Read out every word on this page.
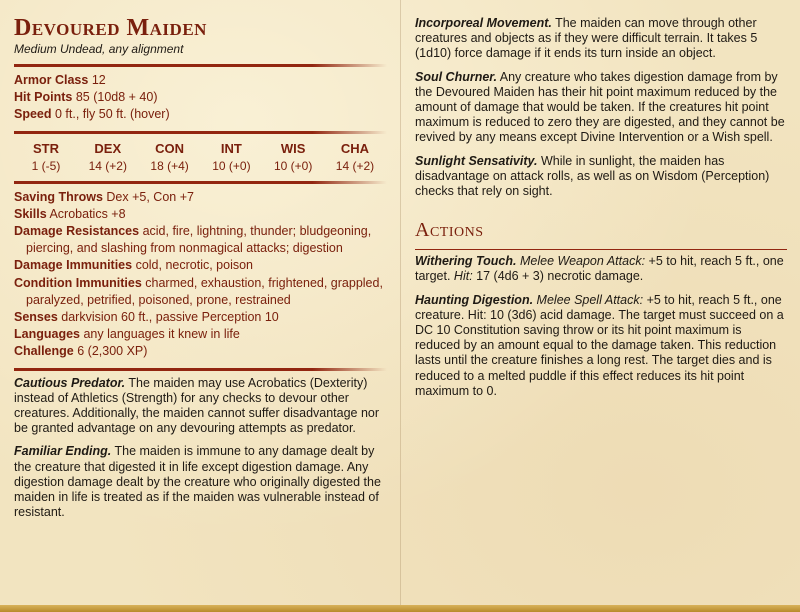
Devoured Maiden
Medium Undead, any alignment
Armor Class 12
Hit Points 85 (10d8 + 40)
Speed 0 ft., fly 50 ft. (hover)
STR
1 (-5)
DEX
14 (+2)
CON
18 (+4)
INT
10 (+0)
WIS
10 (+0)
CHA
14 (+2)
Saving Throws Dex +5, Con +7
Skills Acrobatics +8
Damage Resistances acid, fire, lightning, thunder; bludgeoning, piercing, and slashing from nonmagical attacks; digestion
Damage Immunities cold, necrotic, poison
Condition Immunities charmed, exhaustion, frightened, grappled, paralyzed, petrified, poisoned, prone, restrained
Senses darkvision 60 ft., passive Perception 10
Languages any languages it knew in life
Challenge 6 (2,300 XP)
Cautious Predator. The maiden may use Acrobatics (Dexterity) instead of Athletics (Strength) for any checks to devour other creatures. Additionally, the maiden cannot suffer disadvantage nor be granted advantage on any devouring attempts as predator.
Familiar Ending. The maiden is immune to any damage dealt by the creature that digested it in life except digestion damage. Any digestion damage dealt by the creature who originally digested the maiden in life is treated as if the maiden was vulnerable instead of resistant.
Incorporeal Movement. The maiden can move through other creatures and objects as if they were difficult terrain. It takes 5 (1d10) force damage if it ends its turn inside an object.
Soul Churner. Any creature who takes digestion damage from by the Devoured Maiden has their hit point maximum reduced by the amount of damage that would be taken. If the creatures hit point maximum is reduced to zero they are digested, and they cannot be revived by any means except Divine Intervention or a Wish spell.
Sunlight Sensativity. While in sunlight, the maiden has disadvantage on attack rolls, as well as on Wisdom (Perception) checks that rely on sight.
Actions
Withering Touch. Melee Weapon Attack: +5 to hit, reach 5 ft., one target. Hit: 17 (4d6 + 3) necrotic damage.
Haunting Digestion. Melee Spell Attack: +5 to hit, reach 5 ft., one creature. Hit: 10 (3d6) acid damage. The target must succeed on a DC 10 Constitution saving throw or its hit point maximum is reduced by an amount equal to the damage taken. This reduction lasts until the creature finishes a long rest. The target dies and is reduced to a melted puddle if this effect reduces its hit point maximum to 0.
